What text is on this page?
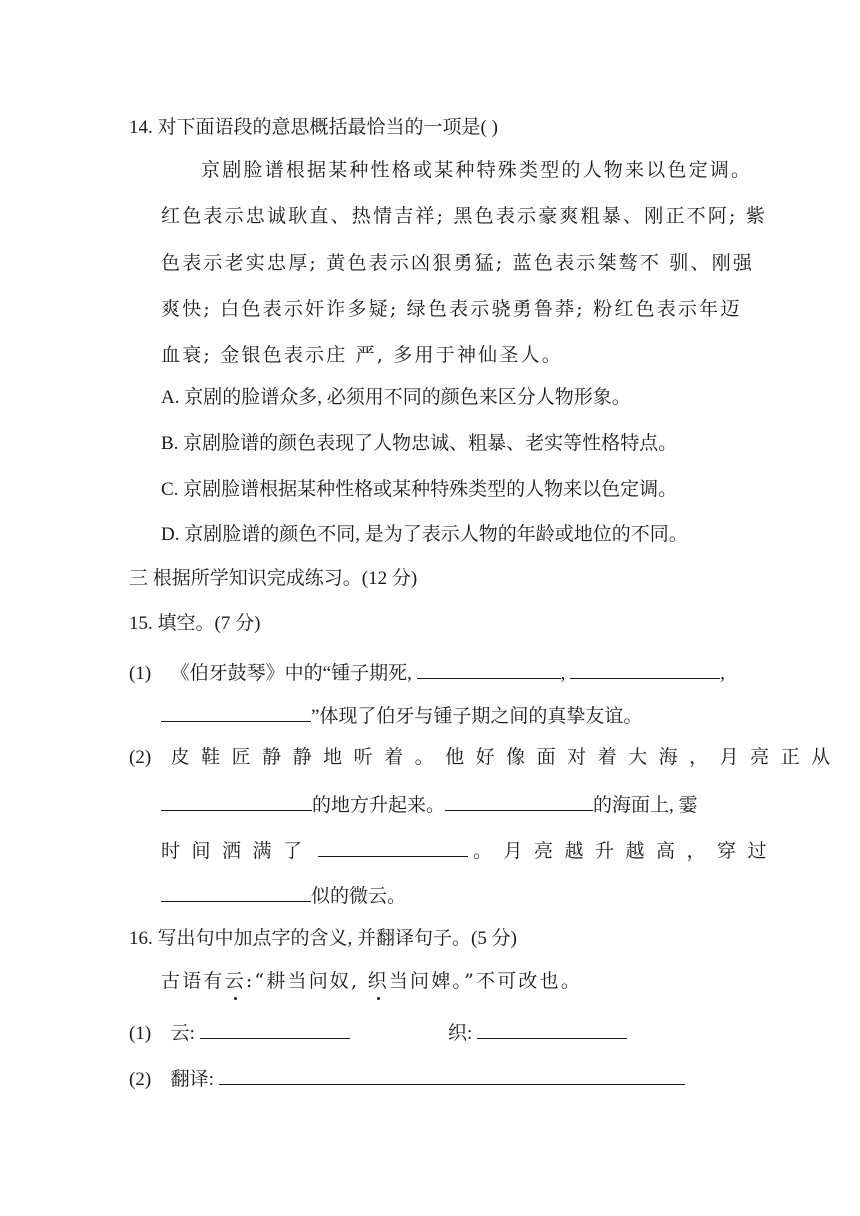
14. 对下面语段的意思概括最恰当的一项是( )
京剧脸谱根据某种性格或某种特殊类型的人物来以色定调。
红色表示忠诚耿直、热情吉祥; 黑色表示豪爽粗暴、刚正不阿; 紫
色表示老实忠厚; 黄色表示凶狠勇猛; 蓝色表示桀骜不 驯、刚强
爽快; 白色表示奸诈多疑; 绿色表示骁勇鲁莽; 粉红色表示年迈
血衰; 金银色表示庄 严, 多用于神仙圣人。
A. 京剧的脸谱众多, 必须用不同的颜色来区分人物形象。
B. 京剧脸谱的颜色表现了人物忠诚、粗暴、老实等性格特点。
C. 京剧脸谱根据某种性格或某种特殊类型的人物来以色定调。
D. 京剧脸谱的颜色不同, 是为了表示人物的年龄或地位的不同。
三 根据所学知识完成练习。(12 分)
15. 填空。(7 分)
(1) 《伯牙鼓琴》中的“锺子期死,	,	,
”体现了伯牙与锺子期之间的真挚友谊。
(2) 皮鞋匠静静地听着。他好像面对着大海，月亮正从
的地方升起来。	的海面上, 霎
时间洒满了	。月亮越升越高，穿过
似的微云。
16. 写出句中加点字的含义, 并翻译句子。(5 分)
古语有云:“耕当问奴, 织当问婢。”不可改也。
(1) 云:	织:
(2) 翻译:
